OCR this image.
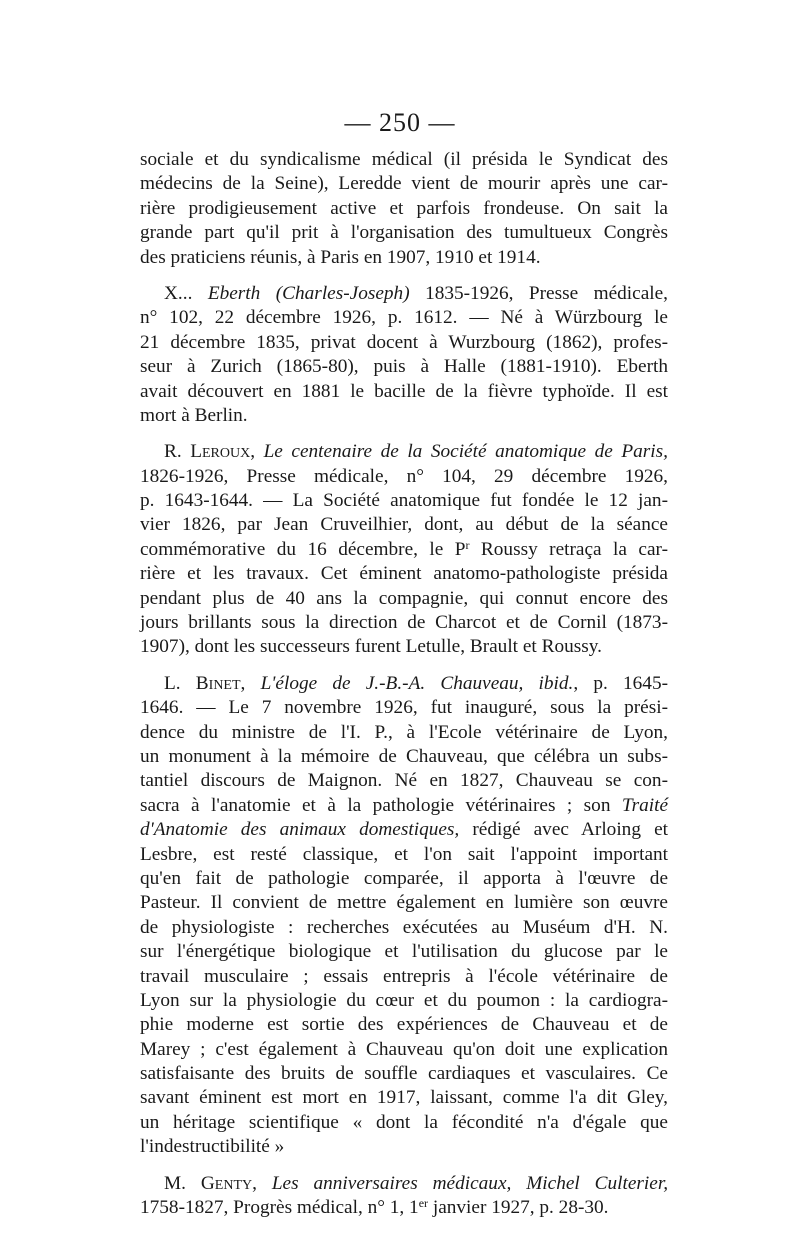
— 250 —
sociale et du syndicalisme médical (il présida le Syndicat des
médecins de la Seine), Leredde vient de mourir après une car-
rière prodigieusement active et parfois frondeuse. On sait la
grande part qu'il prit à l'organisation des tumultueux Congrès
des praticiens réunis, à Paris en 1907, 1910 et 1914.
X... Eberth (Charles-Joseph) 1835-1926, Presse médicale,
n° 102, 22 décembre 1926, p. 1612. — Né à Würzbourg le
21 décembre 1835, privat docent à Wurzbourg (1862), profes-
seur à Zurich (1865-80), puis à Halle (1881-1910). Eberth
avait découvert en 1881 le bacille de la fièvre typhoïde. Il est
mort à Berlin.
R. Leroux, Le centenaire de la Société anatomique de Paris,
1826-1926, Presse médicale, n° 104, 29 décembre 1926,
p. 1643-1644. — La Société anatomique fut fondée le 12 jan-
vier 1826, par Jean Cruveilhier, dont, au début de la séance
commémorative du 16 décembre, le $P^r$ Roussy retraça la car-
rière et les travaux. Cet éminent anatomo-pathologiste présida
pendant plus de 40 ans la compagnie, qui connut encore des
jours brillants sous la direction de Charcot et de Cornil (1873-
1907), dont les successeurs furent Letulle, Brault et Roussy.
L. Binet, L'éloge de J.-B.-A. Chauveau, ibid., p. 1645-
1646. — Le 7 novembre 1926, fut inauguré, sous la prési-
dence du ministre de l'I. P., à l'Ecole vétérinaire de Lyon,
un monument à la mémoire de Chauveau, que célébra un subs-
tantiel discours de Maignon. Né en 1827, Chauveau se con-
sacra à l'anatomie et à la pathologie vétérinaires ; son Traité
d'Anatomie des animaux domestiques, rédigé avec Arloing et
Lesbre, est resté classique, et l'on sait l'appoint important
qu'en fait de pathologie comparée, il apporta à l'œuvre de
Pasteur. Il convient de mettre également en lumière son œuvre
de physiologiste : recherches exécutées au Muséum d'H. N.
sur l'énergétique biologique et l'utilisation du glucose par le
travail musculaire ; essais entrepris à l'école vétérinaire de
Lyon sur la physiologie du cœur et du poumon : la cardiogra-
phie moderne est sortie des expériences de Chauveau et de
Marey ; c'est également à Chauveau qu'on doit une explication
satisfaisante des bruits de souffle cardiaques et vasculaires. Ce
savant éminent est mort en 1917, laissant, comme l'a dit Gley,
un héritage scientifique « dont la fécondité n'a d'égale que
l'indestructibilité »
M. Genty, Les anniversaires médicaux, Michel Culterier,
1758-1827, Progrès médical, n° 1, 1er janvier 1927, p. 28-30.
